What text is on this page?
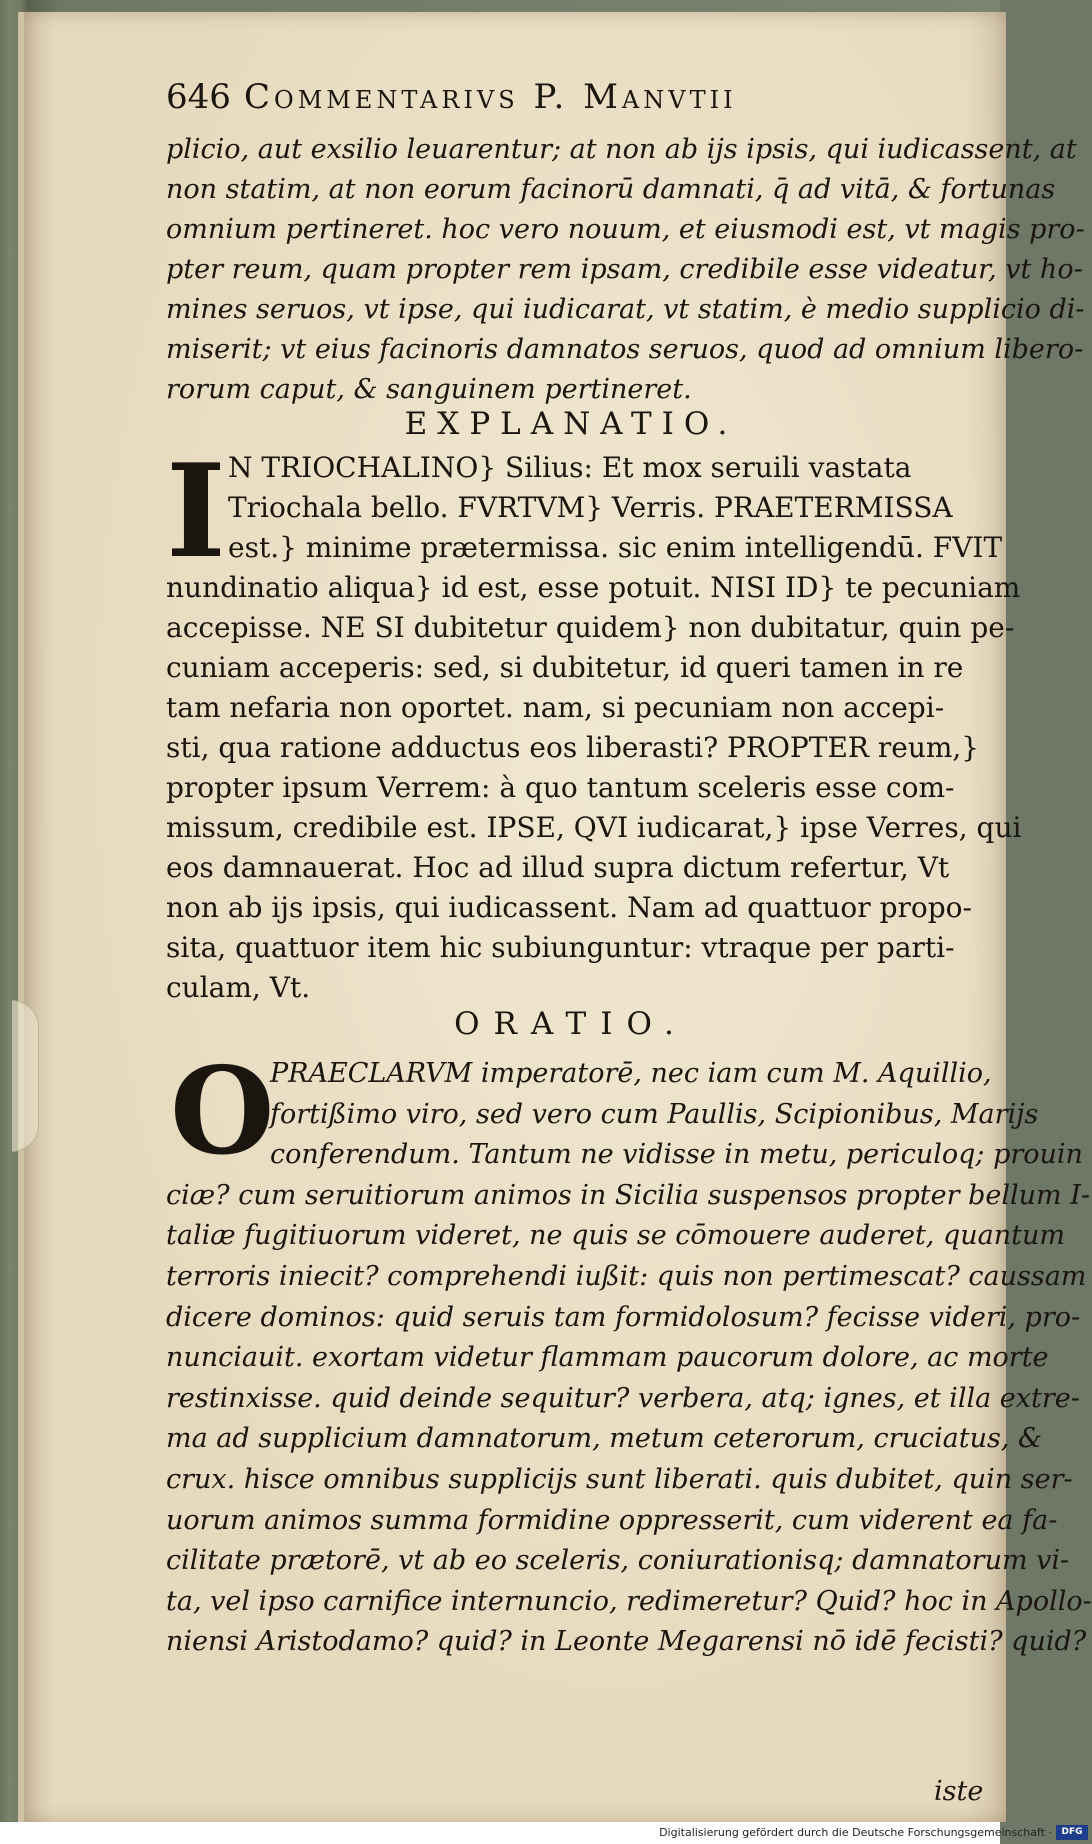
646 Commentarivs P. Manvtii
plicio, aut exsilio leuarentur; at non ab ijs ipsis, qui iudicassent, at
non statim, at non eorum facinorū damnati, q̄ ad vitā, & fortunas
omnium pertineret. hoc vero nouum, et eiusmodi est, vt magis pro-
pter reum, quam propter rem ipsam, credibile esse videatur, vt ho-
mines seruos, vt ipse, qui iudicarat, vt statim, è medio supplicio di-
miserit; vt eius facinoris damnatos seruos, quod ad omnium libero-
rorum caput, & sanguinem pertineret.
EXPLANATIO.
I N TRIOCHALINO} Silius: Et mox seruili vastata
Triochala bello. FVRTVM} Verris. PRAETERMISSA
est.} minime prætermissa. sic enim intelligendū. FVIT
nundinatio aliqua} id est, esse potuit. NISI ID} te pecuniam
accepisse. NE SI dubitetur quidem} non dubitatur, quin pe-
cuniam acceperis: sed, si dubitetur, id queri tamen in re
tam nefaria non oportet. nam, si pecuniam non accepi-
sti, qua ratione adductus eos liberasti? PROPTER reum,}
propter ipsum Verrem: à quo tantum sceleris esse com-
missum, credibile est. IPSE, QVI iudicarat,} ipse Verres, qui
eos damnauerat. Hoc ad illud supra dictum refertur, Vt
non ab ijs ipsis, qui iudicassent. Nam ad quattuor propo-
sita, quattuor item hic subiunguntur: vtraque per parti-
culam, Vt.
ORATIO.
O
PRAECLARVM imperatorē, nec iam cum M. Aquillio,
fortißimo viro, sed vero cum Paullis, Scipionibus, Marijs
conferendum. Tantum ne vidisse in metu, periculoq; prouin
ciæ? cum seruitiorum animos in Sicilia suspensos propter bellum I-
taliæ fugitiuorum videret, ne quis se cōmouere auderet, quantum
terroris iniecit? comprehendi iußit: quis non pertimescat? caussam
dicere dominos: quid seruis tam formidolosum? fecisse videri, pro-
nunciauit. exortam videtur flammam paucorum dolore, ac morte
restinxisse. quid deinde sequitur? verbera, atq; ignes, et illa extre-
ma ad supplicium damnatorum, metum ceterorum, cruciatus, &
crux. hisce omnibus supplicijs sunt liberati. quis dubitet, quin ser-
uorum animos summa formidine oppresserit, cum viderent ea fa-
cilitate prætorē, vt ab eo sceleris, coniurationisq; damnatorum vi-
ta, vel ipso carnifice internuncio, redimeretur? Quid? hoc in Apollo-
niensi Aristodamo? quid? in Leonte Megarensi nō idē fecisti? quid?
iste
Digitalisierung gefördert durch die Deutsche Forschungsgemeinschaft ·	DFG
